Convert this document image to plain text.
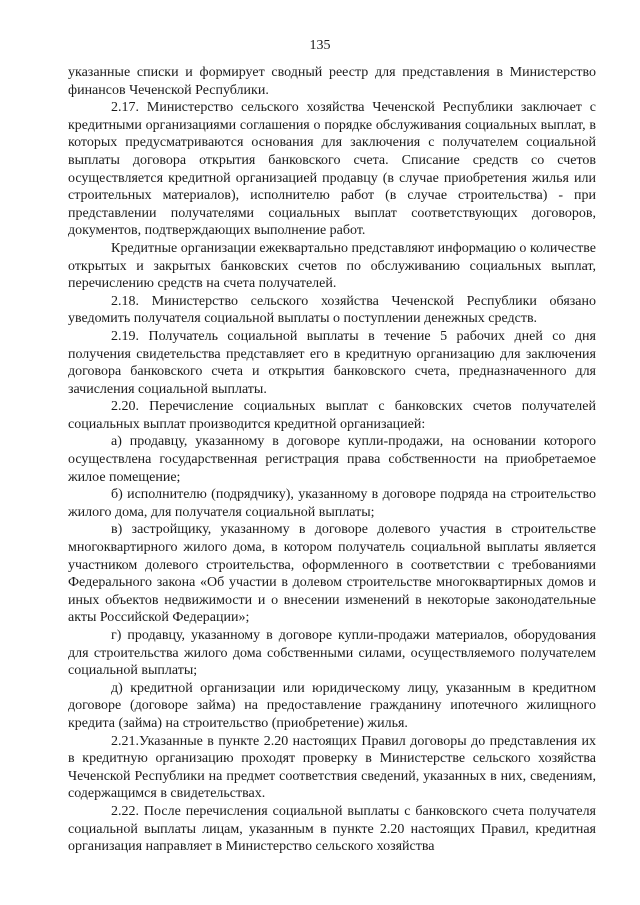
135

указанные списки и формирует сводный реестр для представления в Министерство финансов Чеченской Республики.

2.17. Министерство сельского хозяйства Чеченской Республики заключает с кредитными организациями соглашения о порядке обслуживания социальных выплат, в которых предусматриваются основания для заключения с получателем социальной выплаты договора открытия банковского счета. Списание средств со счетов осуществляется кредитной организацией продавцу (в случае приобретения жилья или строительных материалов), исполнителю работ (в случае строительства) - при представлении получателями социальных выплат соответствующих договоров, документов, подтверждающих выполнение работ.

Кредитные организации ежеквартально представляют информацию о количестве открытых и закрытых банковских счетов по обслуживанию социальных выплат, перечислению средств на счета получателей.

2.18. Министерство сельского хозяйства Чеченской Республики обязано уведомить получателя социальной выплаты о поступлении денежных средств.

2.19. Получатель социальной выплаты в течение 5 рабочих дней со дня получения свидетельства представляет его в кредитную организацию для заключения договора банковского счета и открытия банковского счета, предназначенного для зачисления социальной выплаты.

2.20. Перечисление социальных выплат с банковских счетов получателей социальных выплат производится кредитной организацией:

а) продавцу, указанному в договоре купли-продажи, на основании которого осуществлена государственная регистрация права собственности на приобретаемое жилое помещение;

б) исполнителю (подрядчику), указанному в договоре подряда на строительство жилого дома, для получателя социальной выплаты;

в) застройщику, указанному в договоре долевого участия в строительстве многоквартирного жилого дома, в котором получатель социальной выплаты является участником долевого строительства, оформленного в соответствии с требованиями Федерального закона «Об участии в долевом строительстве многоквартирных домов и иных объектов недвижимости и о внесении изменений в некоторые законодательные акты Российской Федерации»;

г) продавцу, указанному в договоре купли-продажи материалов, оборудования для строительства жилого дома собственными силами, осуществляемого получателем социальной выплаты;

д) кредитной организации или юридическому лицу, указанным в кредитном договоре (договоре займа) на предоставление гражданину ипотечного жилищного кредита (займа) на строительство (приобретение) жилья.

2.21.Указанные в пункте 2.20 настоящих Правил договоры до представления их в кредитную организацию проходят проверку в Министерстве сельского хозяйства Чеченской Республики на предмет соответствия сведений, указанных в них, сведениям, содержащимся в свидетельствах.

2.22. После перечисления социальной выплаты с банковского счета получателя социальной выплаты лицам, указанным в пункте 2.20 настоящих Правил, кредитная организация направляет в Министерство сельского хозяйства
